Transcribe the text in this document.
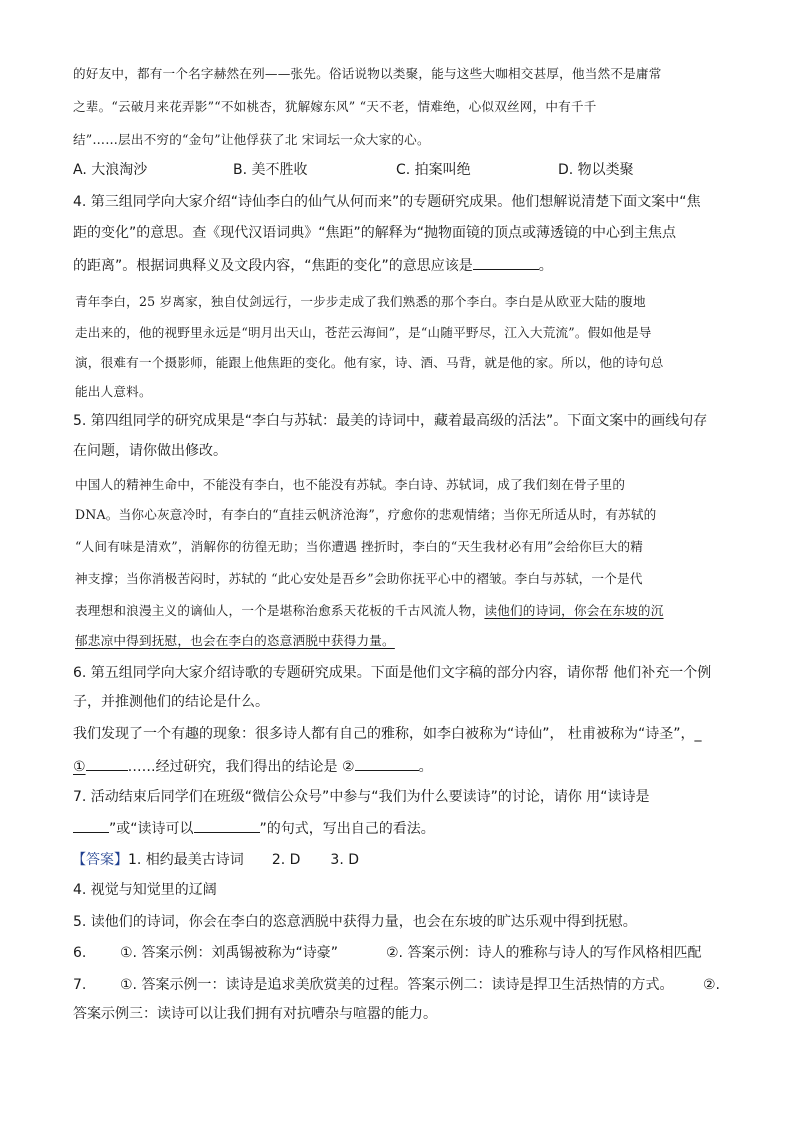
的好友中，都有一个名字赫然在列——张先。俗话说物以类聚，能与这些大咖相交甚厚，他当然不是庸常
之辈。“云破月来花弄影”“不如桃杏，犹解嫁东风” “天不老，情难绝，心似双丝网，中有千千
结”……层出不穷的“金句”让他俘获了北 宋词坛一众大家的心。
A. 大浪淘沙	B. 美不胜收	C. 拍案叫绝	D. 物以类聚
4. 第三组同学向大家介绍“诗仙李白的仙气从何而来”的专题研究成果。他们想解说清楚下面文案中“焦
距的变化”的意思。查《现代汉语词典》“焦距”的解释为“抛物面镜的顶点或薄透镜的中心到主焦点
的距离”。根据词典释义及文段内容，“焦距的变化”的意思应该是	。
青年李白，25 岁离家，独自仗剑远行，一步步走成了我们熟悉的那个李白。李白是从欧亚大陆的腹地
走出来的，他的视野里永远是“明月出天山，苍茫云海间”，是“山随平野尽，江入大荒流”。假如他是导
演，很难有一个摄影师，能跟上他焦距的变化。他有家，诗、酒、马背，就是他的家。所以，他的诗句总
能出人意料。
5. 第四组同学的研究成果是“李白与苏轼：最美的诗词中，藏着最高级的活法”。下面文案中的画线句存
在问题，请你做出修改。
中国人的精神生命中，不能没有李白，也不能没有苏轼。李白诗、苏轼词，成了我们刻在骨子里的
DNA。当你心灰意冷时，有李白的“直挂云帆济沧海”，疗愈你的悲观情绪；当你无所适从时，有苏轼的
“人间有味是清欢”，消解你的彷徨无助；当你遭遇 挫折时，李白的“天生我材必有用”会给你巨大的精
神支撑；当你消极苦闷时，苏轼的 “此心安处是吾乡”会助你抚平心中的褶皱。李白与苏轼，一个是代
表理想和浪漫主义的谪仙人，一个是堪称治愈系天花板的千古风流人物，读他们的诗词，你会在东坡的沉
郁悲凉中得到抚慰，也会在李白的恣意洒脱中获得力量。
6. 第五组同学向大家介绍诗歌的专题研究成果。下面是他们文字稿的部分内容，请你帮 他们补充一个例
子，并推测他们的结论是什么。
我们发现了一个有趣的现象：很多诗人都有自己的雅称，如李白被称为“诗仙”， 杜甫被称为“诗圣”，_
①	……经过研究，我们得出的结论是 ②	。
7. 活动结束后同学们在班级“微信公众号”中参与“我们为什么要读诗”的讨论，请你 用“读诗是
”或“读诗可以	”的句式，写出自己的看法。
【答案】1. 相约最美古诗词 2. D 3. D
4. 视觉与知觉里的辽阔
5. 读他们的诗词，你会在李白的恣意洒脱中获得力量，也会在东坡的旷达乐观中得到抚慰。
6. ①. 答案示例：刘禹锡被称为“诗豪”	②. 答案示例：诗人的雅称与诗人的写作风格相匹配
7. ①. 答案示例一：读诗是追求美欣赏美的过程。答案示例二：读诗是捍卫生活热情的方式。 ②.
答案示例三：读诗可以让我们拥有对抗嘈杂与喧嚣的能力。
